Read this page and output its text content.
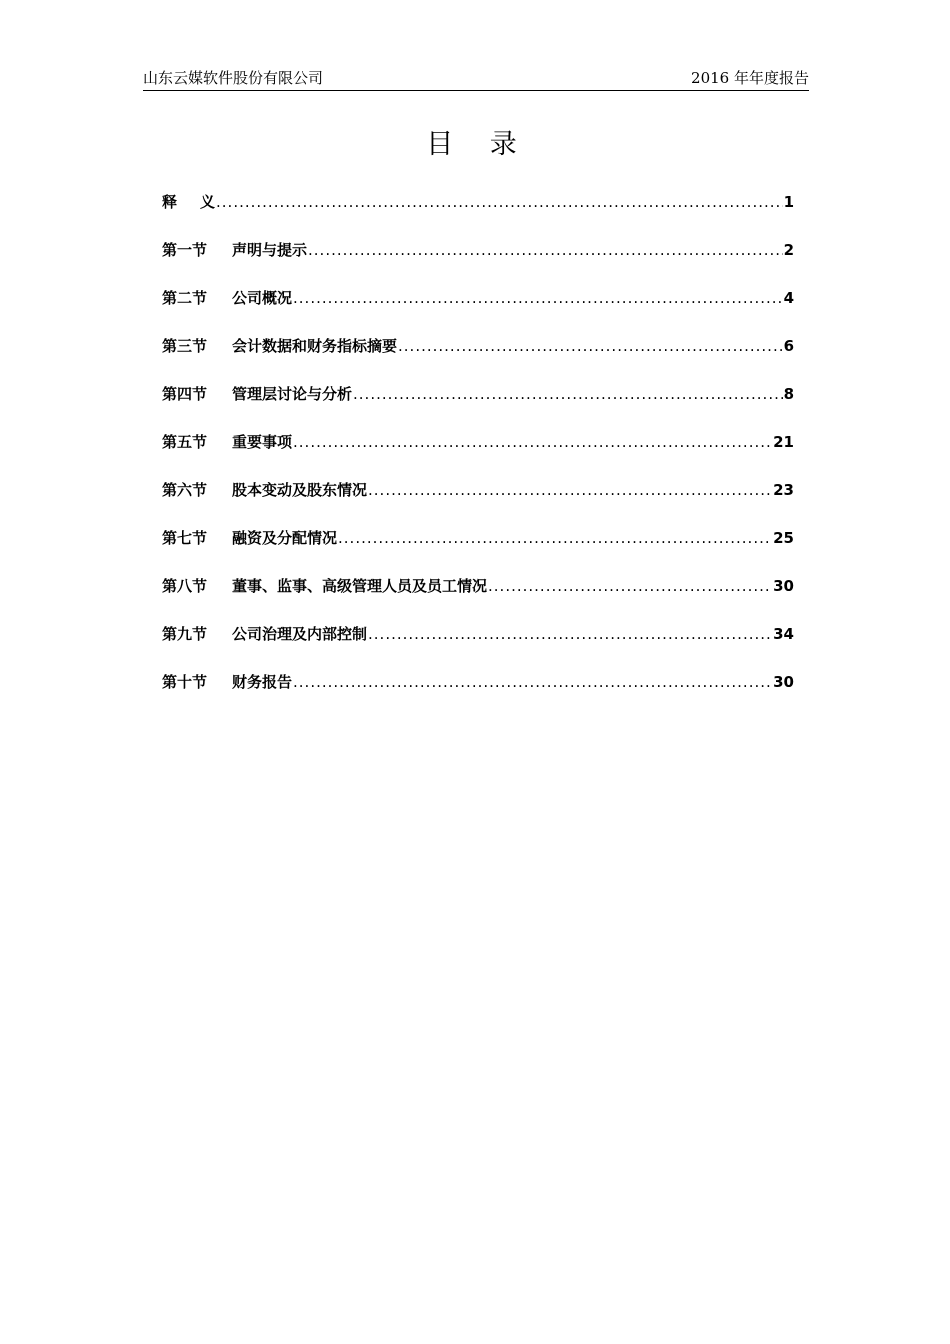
山东云媒软件股份有限公司	2016 年年度报告
目 录
释	义 .....	1
第一节	声明与提示 .....	2
第二节	公司概况 .....	4
第三节	会计数据和财务指标摘要 .....	6
第四节	管理层讨论与分析 .....	8
第五节	重要事项 .....	21
第六节	股本变动及股东情况 .....	23
第七节	融资及分配情况 .....	25
第八节	董事、监事、高级管理人员及员工情况 .....	30
第九节	公司治理及内部控制 .....	34
第十节	财务报告 .....	30
